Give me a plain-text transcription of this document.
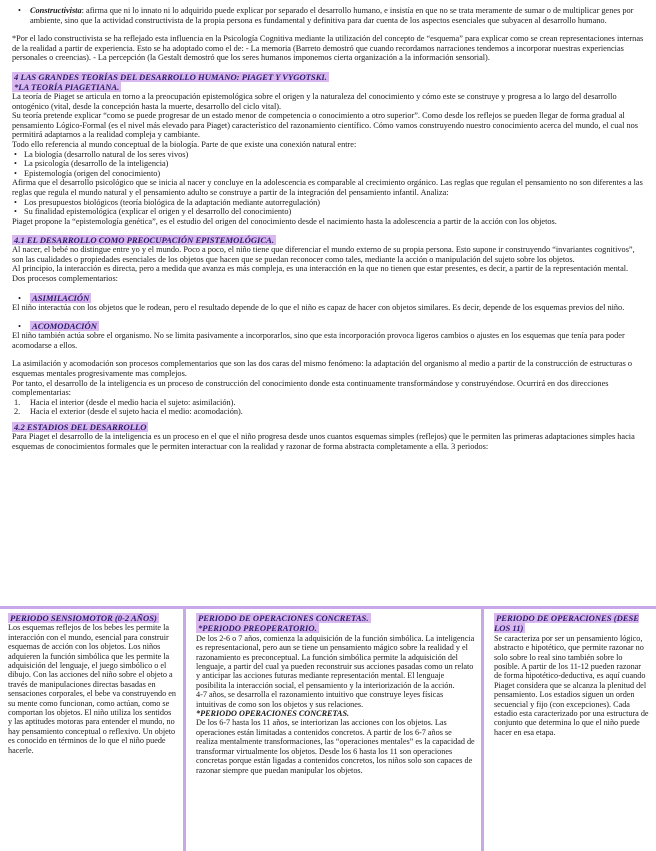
• Constructivista: afirma que ni lo innato ni lo adquirido puede explicar por separado el desarrollo humano, e insistía en que no se trata meramente de sumar o de multiplicar genes por ambiente, sino que la actividad constructivista de la propia persona es fundamental y definitiva para dar cuenta de los aspectos esenciales que subyacen al desarrollo humano.

*Por el lado constructivista se ha reflejado esta influencia en la Psicología Cognitiva mediante la utilización del concepto de “esquema” para explicar como se crean representaciones internas de la realidad a partir de experiencia. Esto se ha adoptado como el de: - La memoria (Barreto demostró que cuando recordamos narraciones tendemos a incorporar nuestras experiencias personales o creencias). - La percepción (la Gestalt demostró que los seres humanos imponemos cierta organización a la información sensorial).

4 LAS GRANDES TEORÍAS DEL DESARROLLO HUMANO: PIAGET Y VYGOTSKI.

*LA TEORÍA PIAGETIANA.

La teoría de Piaget se articula en torno a la preocupación epistemológica sobre el origen y la naturaleza del conocimiento y cómo este se construye y progresa a lo largo del desarrollo ontogénico (vital, desde la concepción hasta la muerte, desarrollo del ciclo vital).

Su teoría pretende explicar “como se puede progresar de un estado menor de competencia o conocimiento a otro superior”. Como desde los reflejos se pueden llegar de forma gradual al pensamiento Lógico-Formal (es el nivel más elevado para Piaget) característico del razonamiento científico. Cómo vamos construyendo nuestro conocimiento acerca del mundo, el cual nos permitirá adaptarnos a la realidad compleja y cambiante.

Todo ello referencia al mundo conceptual de la biología. Parte de que existe una conexión natural entre:

• La biología (desarrollo natural de los seres vivos)

• La psicología (desarrollo de la inteligencia)

• Epistemología (origen del conocimiento)

Afirma que el desarrollo psicológico que se inicia al nacer y concluye en la adolescencia es comparable al crecimiento orgánico. Las reglas que regulan el pensamiento no son diferentes a las reglas que regula el mundo natural y el pensamiento adulto se construye a partir de la integración del pensamiento infantil. Analiza:

• Los presupuestos biológicos (teoría biológica de la adaptación mediante autorregulación)

• Su finalidad epistemológica (explicar el origen y el desarrollo del conocimiento)

Piaget propone la “epistemología genética”, es el estudio del origen del conocimiento desde el nacimiento hasta la adolescencia a partir de la acción con los objetos.

4.1 EL DESARROLLO COMO PREOCUPACIÓN EPISTEMOLÓGICA.

Al nacer, el bebé no distingue entre yo y el mundo. Poco a poco, el niño tiene que diferenciar el mundo externo de su propia persona. Esto supone ir construyendo “invariantes cognitivos”, son las cualidades o propiedades esenciales de los objetos que hacen que se puedan reconocer como tales, mediante la acción o manipulación del sujeto sobre los objetos.

Al principio, la interacción es directa, pero a medida que avanza es más compleja, es una interacción en la que no tienen que estar presentes, es decir, a partir de la representación mental.

Dos procesos complementarios:

• ASIMILACIÓN

El niño interactúa con los objetos que le rodean, pero el resultado depende de lo que el niño es capaz de hacer con objetos similares. Es decir, depende de los esquemas previos del niño.

• ACOMODACIÓN

El niño también actúa sobre el organismo. No se limita pasivamente a incorporarlos, sino que esta incorporación provoca ligeros cambios o ajustes en los esquemas que tenía para poder acomodarse a ellos.

La asimilación y acomodación son procesos complementarios que son las dos caras del mismo fenómeno: la adaptación del organismo al medio a partir de la construcción de estructuras o esquemas mentales progresivamente mas complejos.

Por tanto, el desarrollo de la inteligencia es un proceso de construcción del conocimiento donde esta continuamente transformándose y construyéndose. Ocurrirá en dos direcciones complementarias:

1. Hacia el interior (desde el medio hacia el sujeto: asimilación).

2. Hacia el exterior (desde el sujeto hacia el medio: acomodación).

4.2 ESTADIOS DEL DESARROLLO

Para Piaget el desarrollo de la inteligencia es un proceso en el que el niño progresa desde unos cuantos esquemas simples (reflejos) que le permiten las primeras adaptaciones simples hacia esquemas de conocimientos formales que le permiten interactuar con la realidad y razonar de forma abstracta completamente a ella. 3 periodos:

PERIODO SENSIOMOTOR (0-2 AÑOS)

Los esquemas reflejos de los bebes les permite la interacción con el mundo, esencial para construir esquemas de acción con los objetos. Los niños adquieren la función simbólica que les permite la adquisición del lenguaje, el juego simbólico o el dibujo. Con las acciones del niño sobre el objeto a través de manipulaciones directas basadas en sensaciones corporales, el bebe va construyendo en su mente como funcionan, como actúan, como se comportan los objetos. El niño utiliza los sentidos y las aptitudes motoras para entender el mundo, no hay pensamiento conceptual o reflexivo. Un objeto es conocido en términos de lo que el niño puede hacerle.

PERIODO DE OPERACIONES CONCRETAS.

*PERIODO PREOPERATORIO.

De los 2-6 o 7 años, comienza la adquisición de la función simbólica. La inteligencia es representacional, pero aun se tiene un pensamiento mágico sobre la realidad y el razonamiento es preconceptual. La función simbólica permite la adquisición del lenguaje, a partir del cual ya pueden reconstruir sus acciones pasadas como un relato y anticipar las acciones futuras mediante representación mental. El lenguaje posibilita la interacción social, el pensamiento y la interiorización de la acción.

4-7 años, se desarrolla el razonamiento intuitivo que construye leyes físicas intuitivas de como son los objetos y sus relaciones.

*PERIODO OPERACIONES CONCRETAS.

De los 6-7 hasta los 11 años, se interiorizan las acciones con los objetos. Las operaciones están limitadas a contenidos concretos. A partir de los 6-7 años se realiza mentalmente transformaciones, las “operaciones mentales” es la capacidad de transformar virtualmente los objetos. Desde los 6 hasta los 11 son operaciones concretas porque están ligadas a contenidos concretos, los niños solo son capaces de razonar siempre que puedan manipular los objetos.

PERIODO DE OPERACIONES (DESE LOS 11)

Se caracteriza por ser un pensamiento lógico, abstracto e hipotético, que permite razonar no solo sobre lo real sino también sobre lo posible. A partir de los 11-12 pueden razonar de forma hipotético-deductiva, es aquí cuando Piaget considera que se alcanza la plenitud del pensamiento. Los estadios siguen un orden secuencial y fijo (con excepciones). Cada estadio esta caracterizado por una estructura de conjunto que determina lo que el niño puede hacer en esa etapa.
